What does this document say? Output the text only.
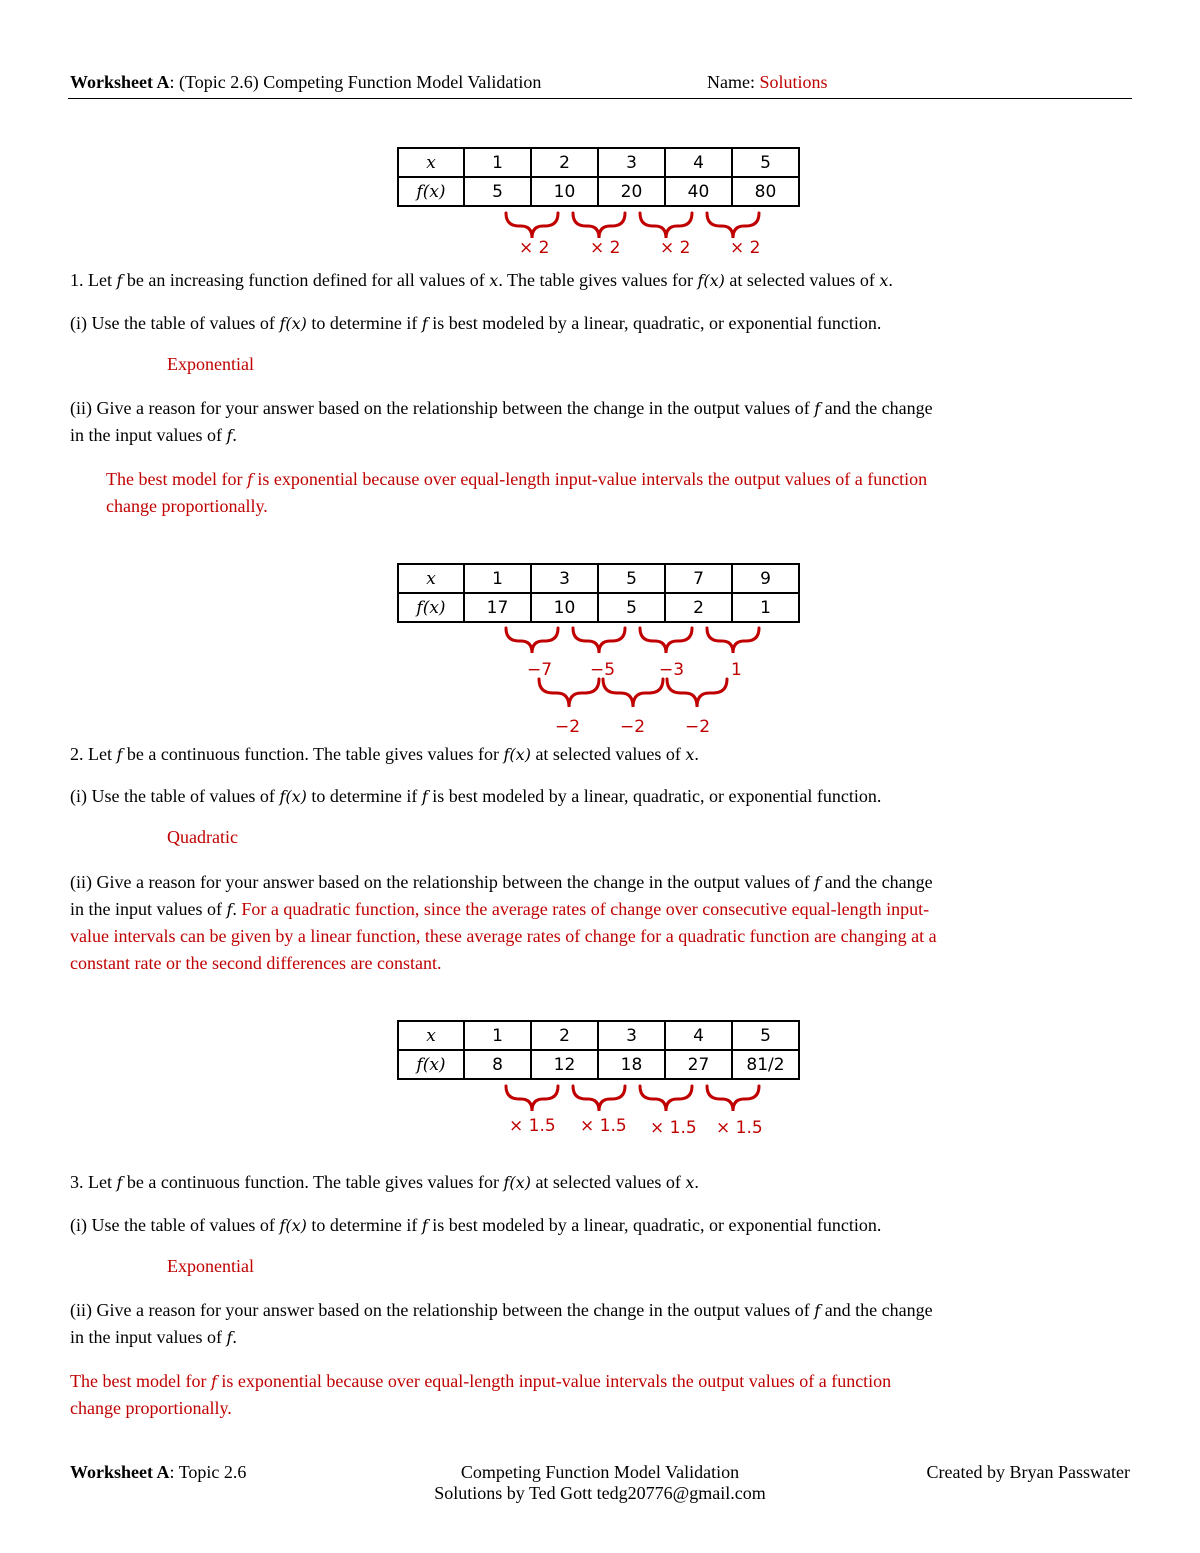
Worksheet A: (Topic 2.6) Competing Function Model Validation	Name: Solutions
x	1	2	3	4	5
f(x)	5	10	20	40	80
× 2 × 2 × 2 × 2
1. Let f be an increasing function defined for all values of x. The table gives values for f(x) at selected values of x.
(i) Use the table of values of f(x) to determine if f is best modeled by a linear, quadratic, or exponential function.
Exponential
(ii) Give a reason for your answer based on the relationship between the change in the output values of f and the change
in the input values of f.
The best model for f is exponential because over equal-length input-value intervals the output values of a function
change proportionally.
x	1	3	5	7	9
f(x)	17	10	5	2	1
−7 −5	−3	1
−2 −2 −2
2. Let f be a continuous function. The table gives values for f(x) at selected values of x.
(i) Use the table of values of f(x) to determine if f is best modeled by a linear, quadratic, or exponential function.
Quadratic
(ii) Give a reason for your answer based on the relationship between the change in the output values of f and the change
in the input values of f. For a quadratic function, since the average rates of change over consecutive equal-length input-
value intervals can be given by a linear function, these average rates of change for a quadratic function are changing at a
constant rate or the second differences are constant.
x	1	2	3	4	5
f(x)	8	12	18	27	81/2
× 1.5 × 1.5 × 1.5 × 1.5
3. Let f be a continuous function. The table gives values for f(x) at selected values of x.
(i) Use the table of values of f(x) to determine if f is best modeled by a linear, quadratic, or exponential function.
Exponential
(ii) Give a reason for your answer based on the relationship between the change in the output values of f and the change
in the input values of f.
The best model for f is exponential because over equal-length input-value intervals the output values of a function
change proportionally.
Worksheet A: Topic 2.6	Competing Function Model Validation
Solutions by Ted Gott tedg20776@gmail.com
Created by Bryan Passwater
